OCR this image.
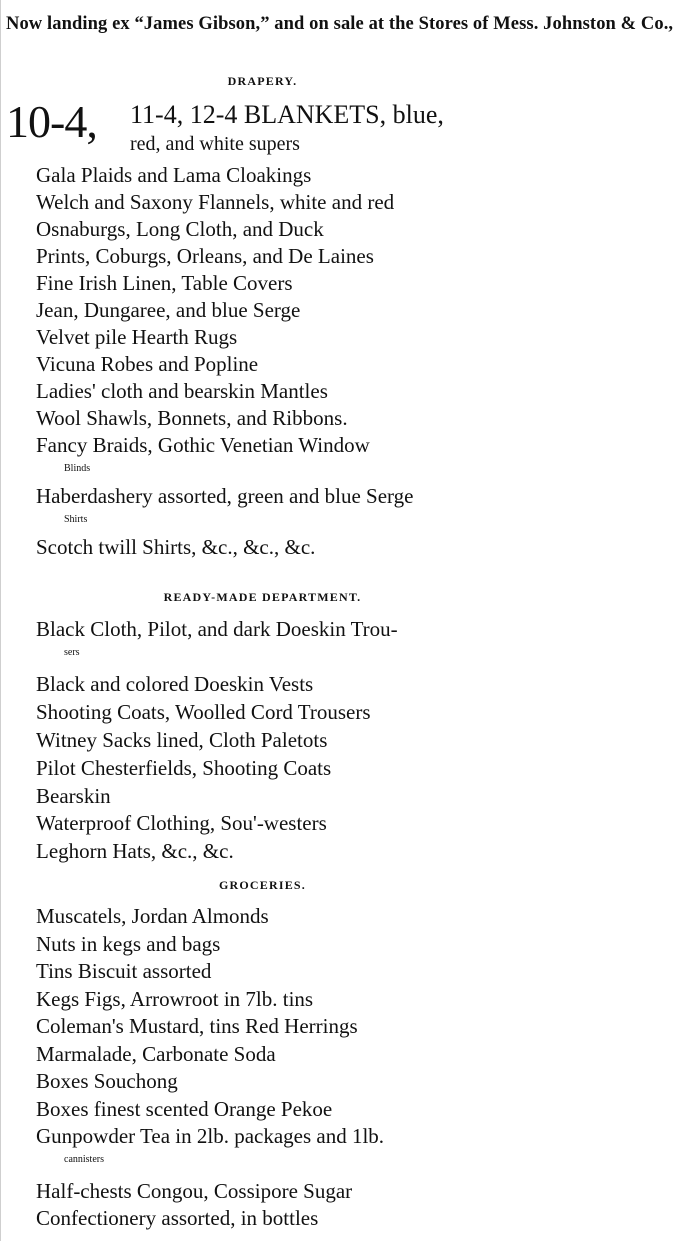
Now landing ex “James Gibson,” and on sale at the Stores of Mess. Johnston & Co.,
DRAPERY.
10-4, 11-4, 12-4 BLANKETS, blue,
red, and white supers
Gala Plaids and Lama Cloakings
Welch and Saxony Flannels, white and red
Osnaburgs, Long Cloth, and Duck
Prints, Coburgs, Orleans, and De Laines
Fine Irish Linen, Table Covers
Jean, Dungaree, and blue Serge
Velvet pile Hearth Rugs
Vicuna Robes and Popline
Ladies' cloth and bearskin Mantles
Wool Shawls, Bonnets, and Ribbons.
Fancy Braids, Gothic Venetian Window
Blinds
Haberdashery assorted, green and blue Serge
Shirts
Scotch twill Shirts, &c., &c., &c.
READY-MADE DEPARTMENT.
Black Cloth, Pilot, and dark Doeskin Trou-
sers
Black and colored Doeskin Vests
Shooting Coats, Woolled Cord Trousers
Witney Sacks lined, Cloth Paletots
Pilot Chesterfields, Shooting Coats
Bearskin
Waterproof Clothing, Sou'-westers
Leghorn Hats, &c., &c.
GROCERIES.
Muscatels, Jordan Almonds
Nuts in kegs and bags
Tins Biscuit assorted
Kegs Figs, Arrowroot in 7lb. tins
Coleman's Mustard, tins Red Herrings
Marmalade, Carbonate Soda
Boxes Souchong
Boxes finest scented Orange Pekoe
Gunpowder Tea in 2lb. packages and 1lb.
cannisters
Half-chests Congou, Cossipore Sugar
Confectionery assorted, in bottles
